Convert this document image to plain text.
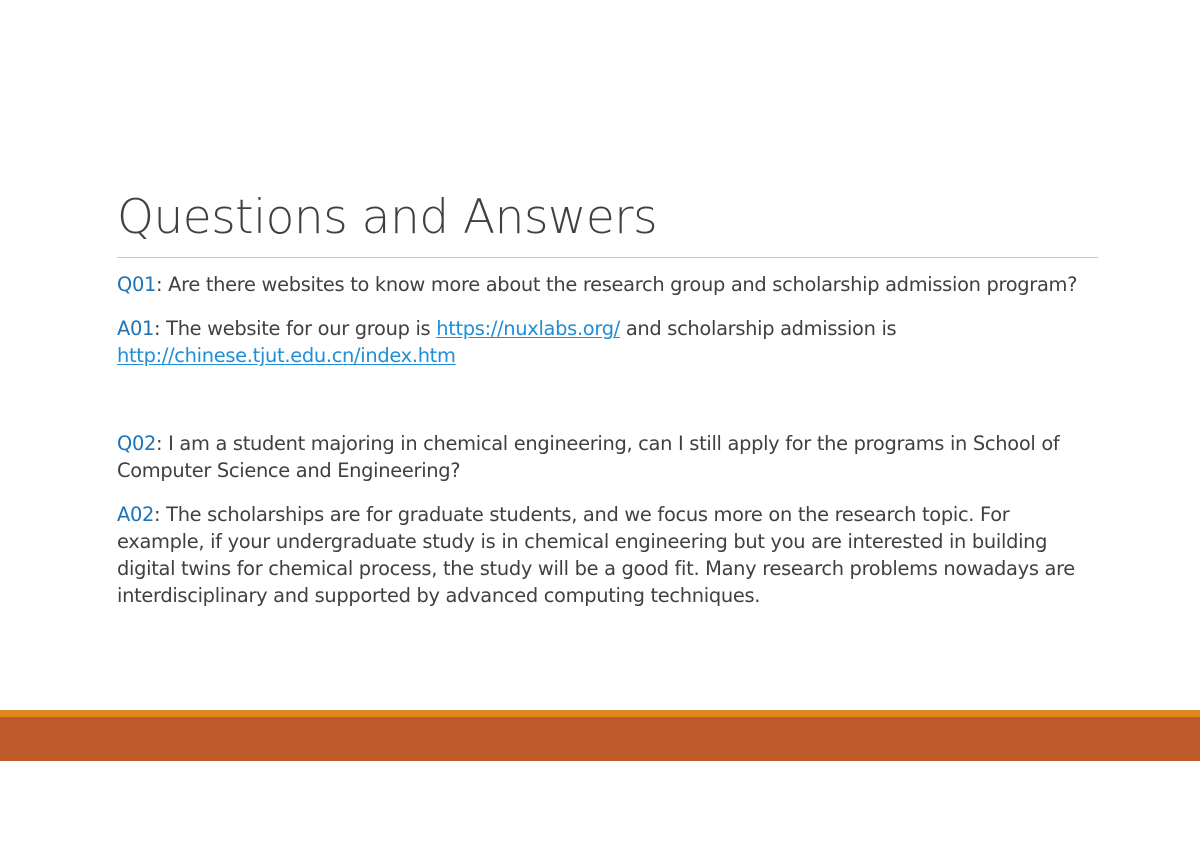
Questions and Answers

Q01: Are there websites to know more about the research group and scholarship admission program?

A01: The website for our group is https://nuxlabs.org/ and scholarship admission is http://chinese.tjut.edu.cn/index.htm

Q02: I am a student majoring in chemical engineering, can I still apply for the programs in School of Computer Science and Engineering?

A02: The scholarships are for graduate students, and we focus more on the research topic. For example, if your undergraduate study is in chemical engineering but you are interested in building digital twins for chemical process, the study will be a good fit. Many research problems nowadays are interdisciplinary and supported by advanced computing techniques.
